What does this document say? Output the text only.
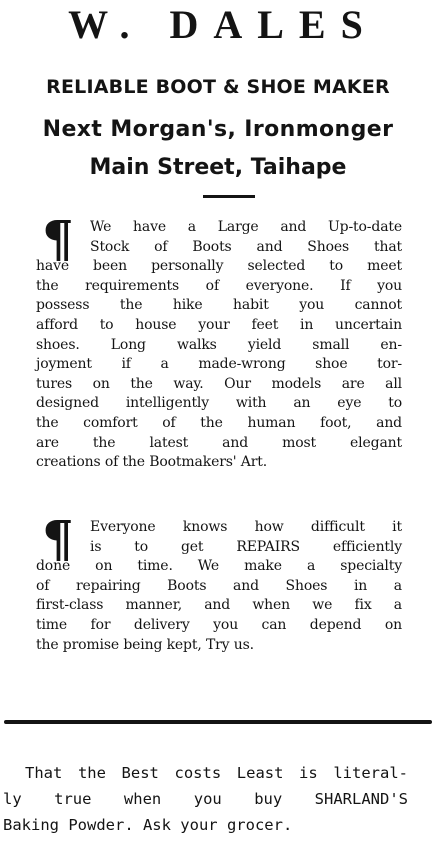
W. DALES
RELIABLE BOOT & SHOE MAKER
Next Morgan's, Ironmonger
Main Street, Taihape
¶	We have a Large and Up-to-date
Stock of Boots and Shoes that
have been personally selected to meet
the requirements of everyone. If you
possess the hike habit you cannot
afford to house your feet in uncertain
shoes. Long walks yield small en-
joyment if a made-wrong shoe tor-
tures on the way. Our models are all
designed intelligently with an eye to
the comfort of the human foot, and
are the latest and most elegant
creations of the Bootmakers' Art.
¶	Everyone knows how difficult it
is to get REPAIRS efficiently
done on time. We make a specialty
of repairing Boots and Shoes in a
first-class manner, and when we fix a
time for delivery you can depend on
the promise being kept, Try us.
That the Best costs Least is literal-
ly true when you buy SHARLAND'S
Baking Powder. Ask your grocer.
